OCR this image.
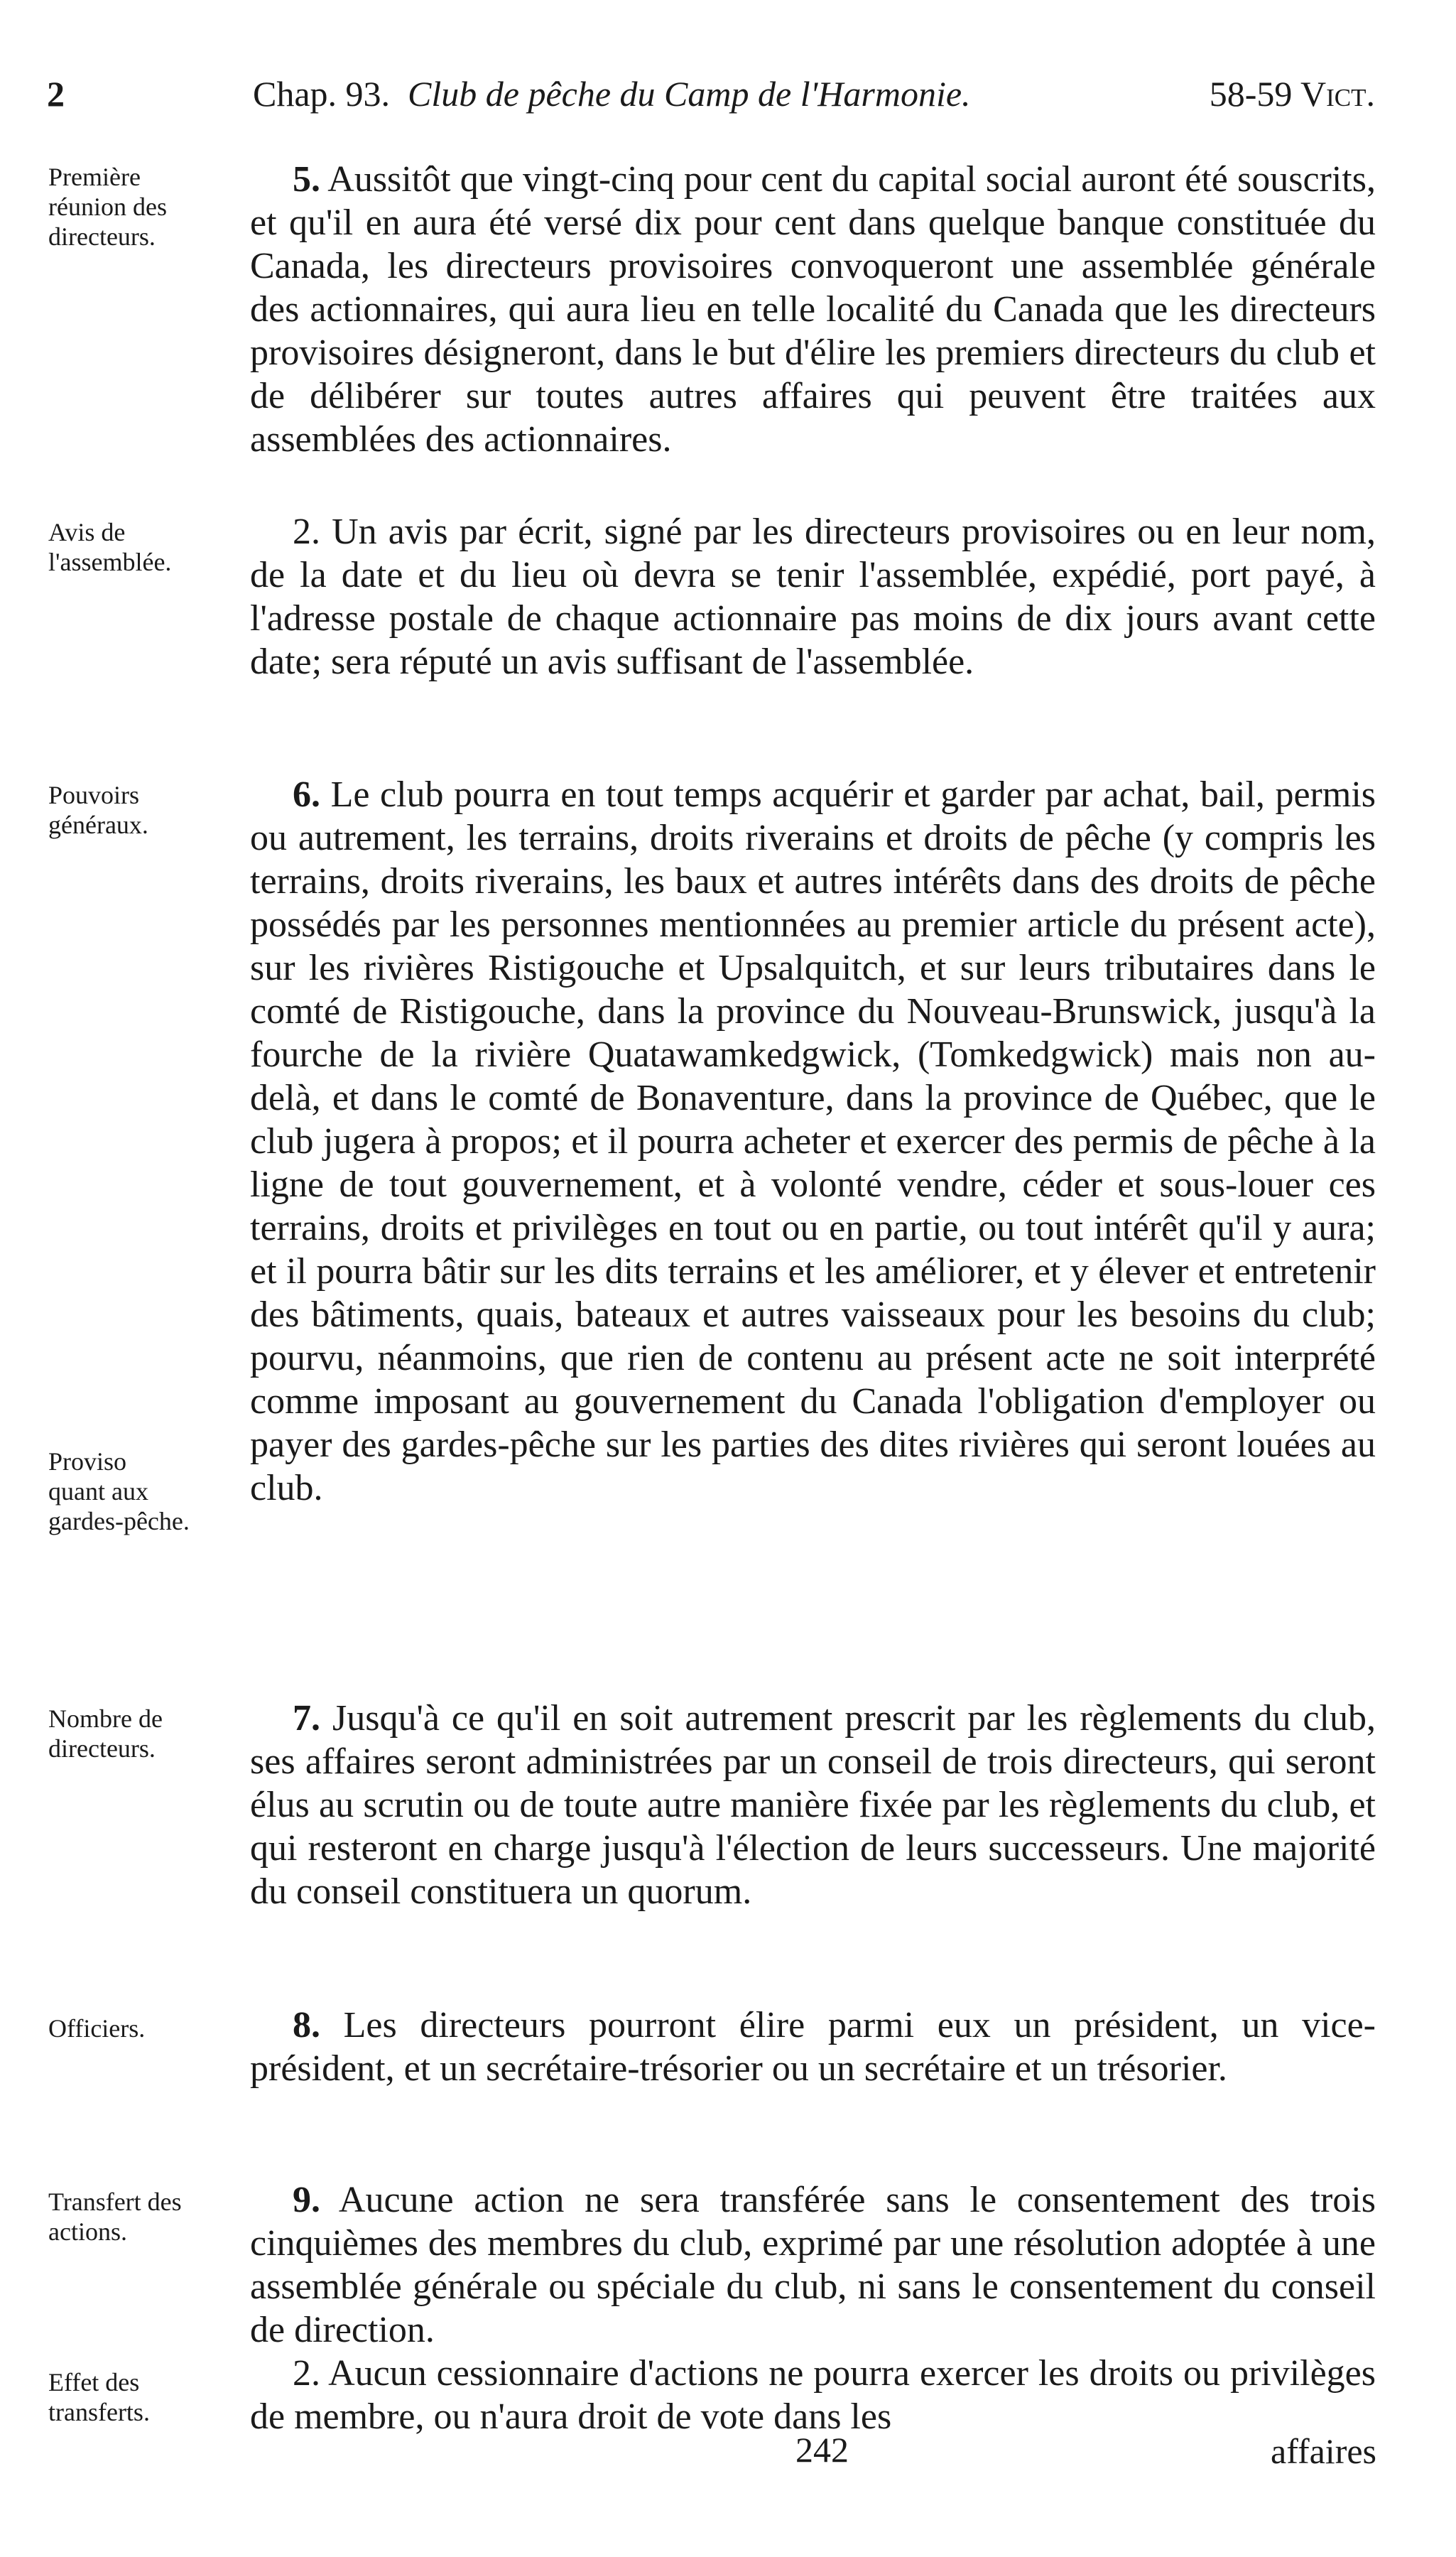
2	Chap. 93. Club de pêche du Camp de l'Harmonie.	58-59 Vict.
Première
réunion des
directeurs.
5. Aussitôt que vingt-cinq pour cent du capital social auront été souscrits, et qu'il en aura été versé dix pour cent dans quelque banque constituée du Canada, les directeurs provisoires convoqueront une assemblée générale des actionnaires, qui aura lieu en telle localité du Canada que les directeurs provisoires désigneront, dans le but d'élire les premiers directeurs du club et de délibérer sur toutes autres affaires qui peuvent être traitées aux assemblées des actionnaires.
Avis de
l'assemblée.
2. Un avis par écrit, signé par les directeurs provisoires ou en leur nom, de la date et du lieu où devra se tenir l'assemblée, expédié, port payé, à l'adresse postale de chaque actionnaire pas moins de dix jours avant cette date; sera réputé un avis suffisant de l'assemblée.
Pouvoirs
généraux.
6. Le club pourra en tout temps acquérir et garder par achat, bail, permis ou autrement, les terrains, droits riverains et droits de pêche (y compris les terrains, droits riverains, les baux et autres intérêts dans des droits de pêche possédés par les personnes mentionnées au premier article du présent acte), sur les rivières Ristigouche et Upsalquitch, et sur leurs tributaires dans le comté de Ristigouche, dans la province du Nouveau-Brunswick, jusqu'à la fourche de la rivière Quatawamkedgwick, (Tomkedgwick) mais non au-delà, et dans le comté de Bonaventure, dans la province de Québec, que le club jugera à propos; et il pourra acheter et exercer des permis de pêche à la ligne de tout gouvernement, et à volonté vendre, céder et sous-louer ces terrains, droits et privilèges en tout ou en partie, ou tout intérêt qu'il y aura; et il pourra bâtir sur les dits terrains et les améliorer, et y élever et entretenir des bâtiments, quais, bateaux et autres vaisseaux pour les besoins du club; pourvu, néanmoins, que rien de contenu au présent acte ne soit interprété comme imposant au gouvernement du Canada l'obligation d'employer ou payer des gardes-pêche sur les parties des dites rivières qui seront louées au club.
Proviso
quant aux
gardes-pêche.
Nombre de
directeurs.
7. Jusqu'à ce qu'il en soit autrement prescrit par les règlements du club, ses affaires seront administrées par un conseil de trois directeurs, qui seront élus au scrutin ou de toute autre manière fixée par les règlements du club, et qui resteront en charge jusqu'à l'élection de leurs successeurs. Une majorité du conseil constituera un quorum.
Officiers.	8. Les directeurs pourront élire parmi eux un président, un vice-président, et un secrétaire-trésorier ou un secrétaire et un trésorier.
Transfert des
actions.
9. Aucune action ne sera transférée sans le consentement des trois cinquièmes des membres du club, exprimé par une résolution adoptée à une assemblée générale ou spéciale du club, ni sans le consentement du conseil de direction.
Effet des
transferts.
2. Aucun cessionnaire d'actions ne pourra exercer les droits ou privilèges de membre, ou n'aura droit de vote dans les
242	affaires
